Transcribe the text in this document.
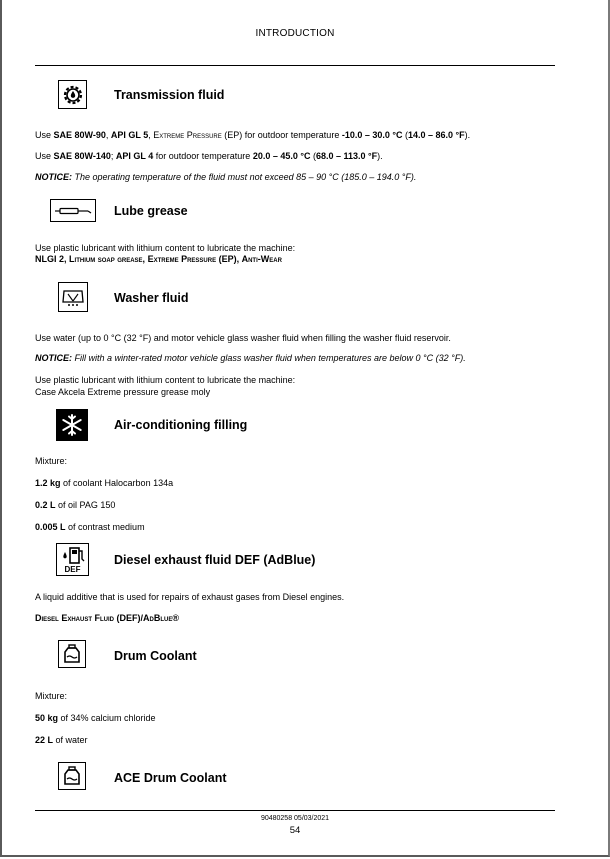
INTRODUCTION
Transmission fluid
Use SAE 80W-90, API GL 5, Extreme Pressure (EP) for outdoor temperature -10.0 – 30.0 °C (14.0 – 86.0 °F).
Use SAE 80W-140; API GL 4 for outdoor temperature 20.0 – 45.0 °C (68.0 – 113.0 °F).
NOTICE: The operating temperature of the fluid must not exceed 85 – 90 °C (185.0 – 194.0 °F).
Lube grease
Use plastic lubricant with lithium content to lubricate the machine:
NLGI 2, Lithium soap grease, Extreme Pressure (EP), Anti-Wear
Washer fluid
Use water (up to 0 °C (32 °F) and motor vehicle glass washer fluid when filling the washer fluid reservoir.
NOTICE: Fill with a winter-rated motor vehicle glass washer fluid when temperatures are below 0 °C (32 °F).
Use plastic lubricant with lithium content to lubricate the machine:
Case Akcela Extreme pressure grease moly
Air-conditioning filling
Mixture:
1.2 kg of coolant Halocarbon 134a
0.2 L of oil PAG 150
0.005 L of contrast medium
DEF
Diesel exhaust fluid DEF (AdBlue)
A liquid additive that is used for repairs of exhaust gases from Diesel engines.
Diesel Exhaust Fluid (DEF)/AdBlue®
Drum Coolant
Mixture:
50 kg of 34% calcium chloride
22 L of water
ACE Drum Coolant
90480258 05/03/2021
54
